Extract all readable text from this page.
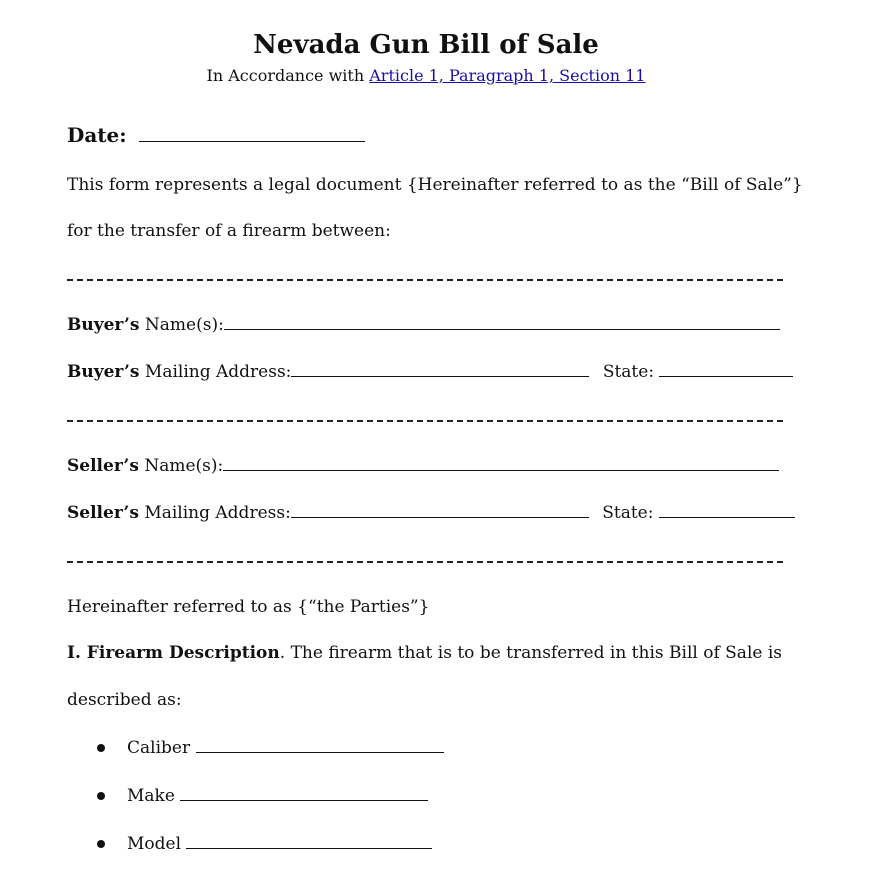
Nevada Gun Bill of Sale
In Accordance with Article 1, Paragraph 1, Section 11
Date:
This form represents a legal document {Hereinafter referred to as the “Bill of Sale”}
for the transfer of a firearm between:
Buyer’s Name(s):
Buyer’s Mailing Address:	State:
Seller’s Name(s):
Seller’s Mailing Address:	State:
Hereinafter referred to as {“the Parties”}
I. Firearm Description. The firearm that is to be transferred in this Bill of Sale is
described as:
Caliber
Make
Model
